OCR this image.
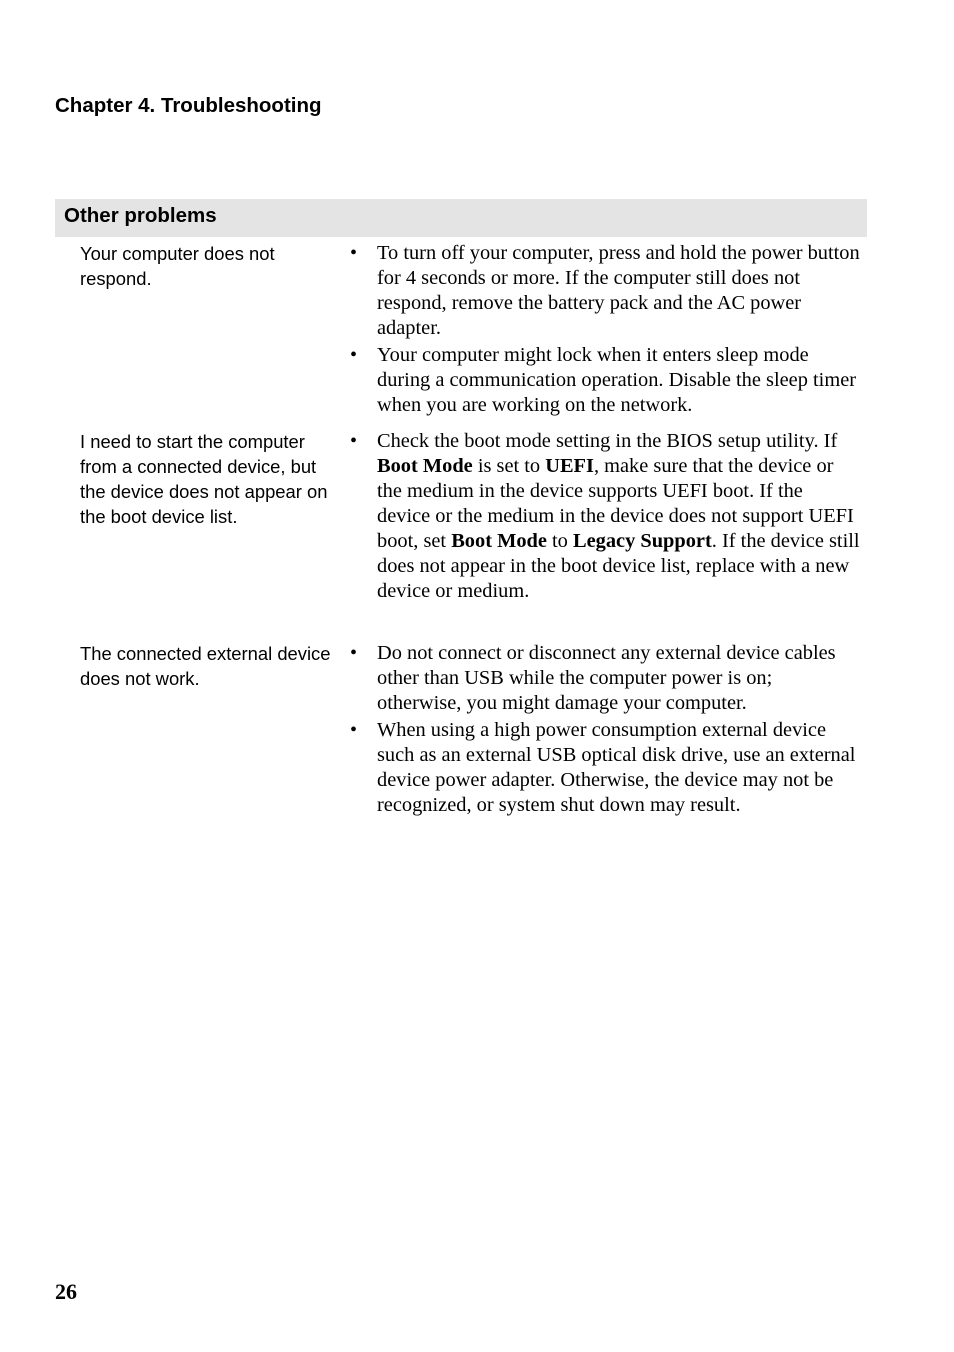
Chapter 4. Troubleshooting
Other problems

Your computer does not respond.

• To turn off your computer, press and hold the power button for 4 seconds or more. If the computer still does not respond, remove the battery pack and the AC power adapter.
• Your computer might lock when it enters sleep mode during a communication operation. Disable the sleep timer when you are working on the network.

I need to start the computer from a connected device, but the device does not appear on the boot device list.

• Check the boot mode setting in the BIOS setup utility. If Boot Mode is set to UEFI, make sure that the device or the medium in the device supports UEFI boot. If the device or the medium in the device does not support UEFI boot, set Boot Mode to Legacy Support. If the device still does not appear in the boot device list, replace with a new device or medium.

The connected external device does not work.

• Do not connect or disconnect any external device cables other than USB while the computer power is on; otherwise, you might damage your computer.
• When using a high power consumption external device such as an external USB optical disk drive, use an external device power adapter. Otherwise, the device may not be recognized, or system shut down may result.
26
